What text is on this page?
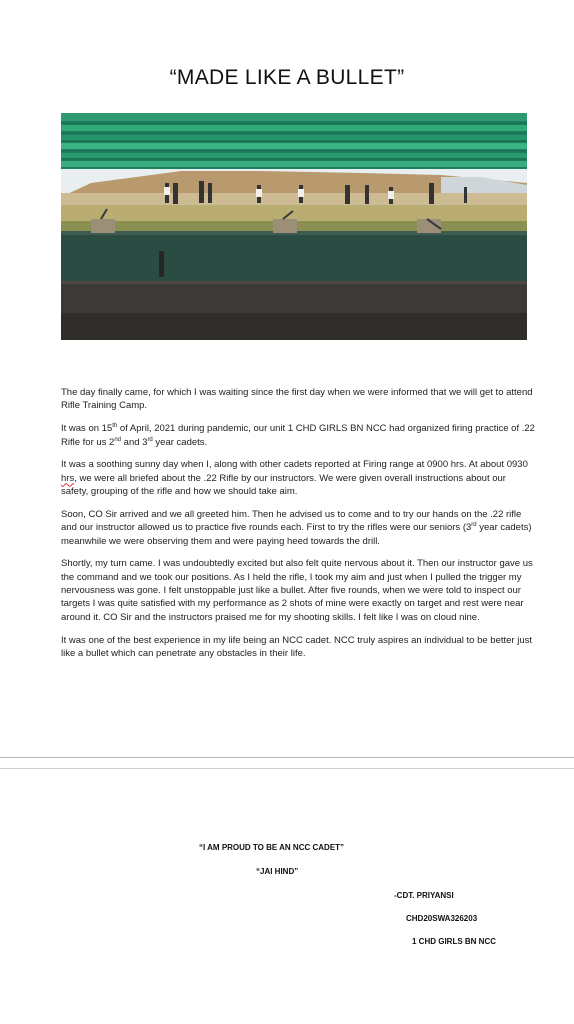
“MADE LIKE A BULLET”

The day finally came, for which I was waiting since the first day when we were informed that we will get to attend Rifle Training Camp.

It was on 15th of April, 2021 during pandemic, our unit 1 CHD GIRLS BN NCC had organized firing practice of .22 Rifle for us 2nd and 3rd year cadets.

It was a soothing sunny day when I, along with other cadets reported at Firing range at 0900 hrs. At about 0930 hrs, we were all briefed about the .22 Rifle by our instructors. We were given overall instructions about our safety, grouping of the rifle and how we should take aim.

Soon, CO Sir arrived and we all greeted him. Then he advised us to come and to try our hands on the .22 rifle and our instructor allowed us to practice five rounds each. First to try the rifles were our seniors (3rd year cadets) meanwhile we were observing them and were paying heed towards the drill.

Shortly, my turn came. I was undoubtedly excited but also felt quite nervous about it. Then our instructor gave us the command and we took our positions. As I held the rifle, I took my aim and just when I pulled the trigger my nervousness was gone. I felt unstoppable just like a bullet. After five rounds, when we were told to inspect our targets I was quite satisfied with my performance as 2 shots of mine were exactly on target and rest were near around it. CO Sir and the instructors praised me for my shooting skills. I felt like I was on cloud nine.

It was one of the best experience in my life being an NCC cadet. NCC truly aspires an individual to be better just like a bullet which can penetrate any obstacles in their life.

“I AM PROUD TO BE AN NCC CADET”
“JAI HIND”
-CDT. PRIYANSI
CHD20SWA326203
1 CHD GIRLS BN NCC
